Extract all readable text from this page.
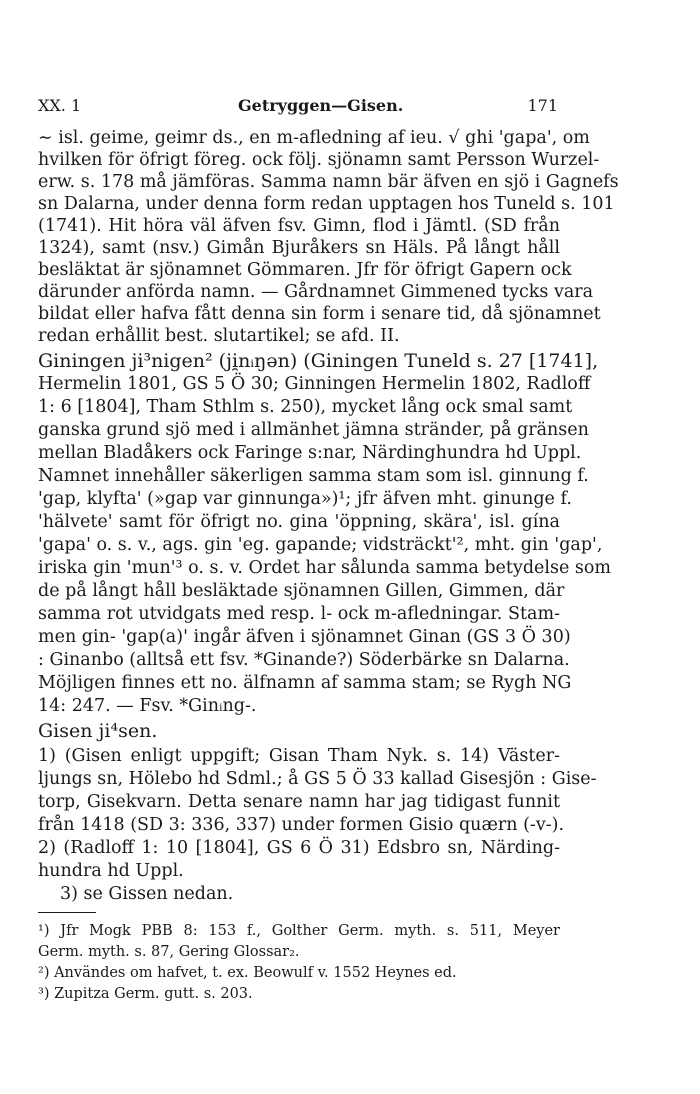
XX. 1	Getryggen—Gisen.	171
∼ isl. geime, geimr ds., en m-afledning af ieu. √ ghi 'gapa', om
hvilken för öfrigt föreg. ock följ. sjönamn samt Persson Wurzel-
erw. s. 178 må jämföras. Samma namn bär äfven en sjö i Gagnefs
sn Dalarna, under denna form redan upptagen hos Tuneld s. 101
(1741). Hit höra väl äfven fsv. Gimn, flod i Jämtl. (SD från
1324), samt (nsv.) Gimån Bjuråkers sn Häls. På långt håll
besläktat är sjönamnet Gömmaren. Jfr för öfrigt Gapern ock
därunder anförda namn. — Gårdnamnet Gimmened tycks vara
bildat eller hafva fått denna sin form i senare tid, då sjönamnet
redan erhållit best. slutartikel; se afd. II.
Giningen ji³nigen² (ji̯nᵢŋən) (Giningen Tuneld s. 27 [1741],
Hermelin 1801, GS 5 Ö 30; Ginningen Hermelin 1802, Radloff
1: 6 [1804], Tham Sthlm s. 250), mycket lång ock smal samt
ganska grund sjö med i allmänhet jämna stränder, på gränsen
mellan Bladåkers ock Faringe s:nar, Närdinghundra hd Uppl.
Namnet innehåller säkerligen samma stam som isl. ginnung f.
'gap, klyfta' (»gap var ginnunga»)¹; jfr äfven mht. ginunge f.
'hälvete' samt för öfrigt no. gina 'öppning, skära', isl. gína
'gapa' o. s. v., ags. gin 'eg. gapande; vidsträckt'², mht. gin 'gap',
iriska gin 'mun'³ o. s. v. Ordet har sålunda samma betydelse som
de på långt håll besläktade sjönamnen Gillen, Gimmen, där
samma rot utvidgats med resp. l- ock m-afledningar. Stam-
men gin- 'gap(a)' ingår äfven i sjönamnet Ginan (GS 3 Ö 30)
: Ginanbo (alltså ett fsv. *Ginande?) Söderbärke sn Dalarna.
Möjligen finnes ett no. älfnamn af samma stam; se Rygh NG
14: 247. — Fsv. *Ginᵢng-.
Gisen ji⁴sen.
1) (Gisen enligt uppgift; Gisan Tham Nyk. s. 14) Väster-
ljungs sn, Hölebo hd Sdml.; å GS 5 Ö 33 kallad Gisesjön : Gise-
torp, Gisekvarn. Detta senare namn har jag tidigast funnit
från 1418 (SD 3: 336, 337) under formen Gisio quærn (-v-).
2) (Radloff 1: 10 [1804], GS 6 Ö 31) Edsbro sn, Närding-
hundra hd Uppl.
3) se Gissen nedan.
¹) Jfr Mogk PBB 8: 153 f., Golther Germ. myth. s. 511, Meyer
Germ. myth. s. 87, Gering Glossar₂.
²) Användes om hafvet, t. ex. Beowulf v. 1552 Heynes ed.
³) Zupitza Germ. gutt. s. 203.
